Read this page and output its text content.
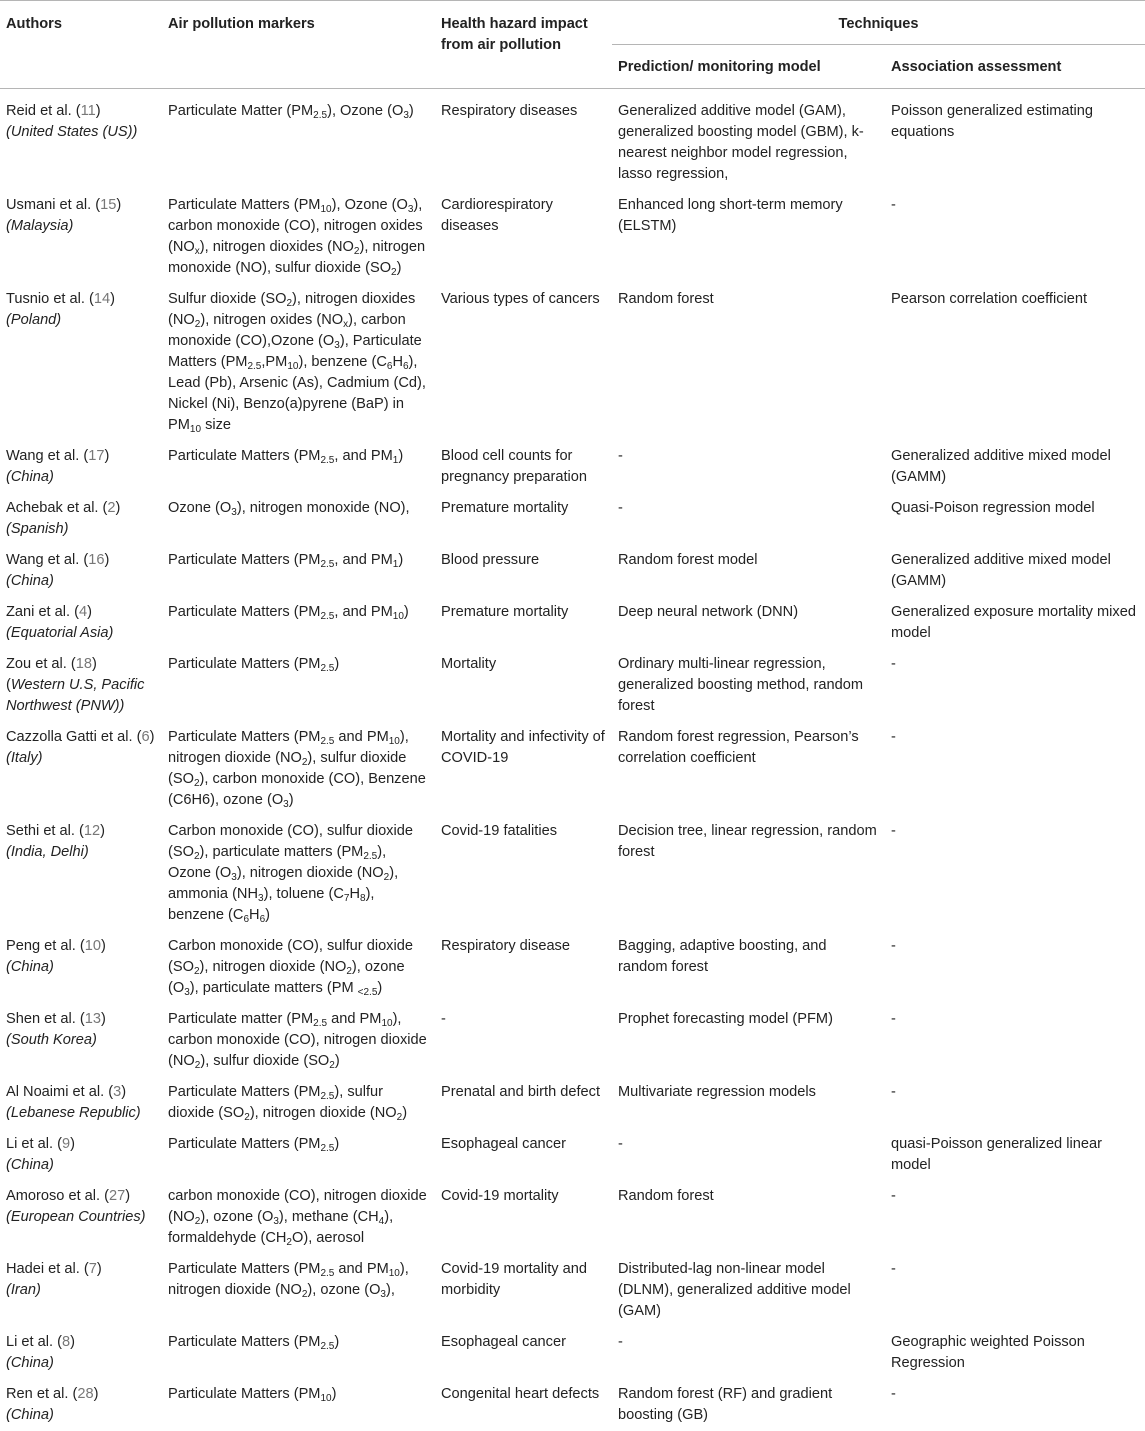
Authors	Air pollution markers	Health hazard impact from air pollution	Techniques	
			Prediction/ monitoring model	Association assessment
Reid et al. (11)
(United States (US))	Particulate Matter $(PM_{2.5})$, Ozone $(O_3)$	Respiratory diseases	Generalized additive model (GAM), generalized boosting model (GBM), k-nearest neighbor model regression, lasso regression,	Poisson generalized estimating equations
Usmani et al. (15)
(Malaysia)	Particulate Matters $(PM_{10})$, Ozone $(O_3)$, carbon monoxide (CO), nitrogen oxides $(NO_x)$, nitrogen dioxides $(NO_2)$, nitrogen monoxide (NO), sulfur dioxide $(SO_2)$	Cardiorespiratory diseases	Enhanced long short-term memory (ELSTM)	-
Tusnio et al. (14)
(Poland)	Sulfur dioxide $(SO_2)$, nitrogen dioxides $(NO_2)$, nitrogen oxides $(NO_x)$, carbon monoxide (CO),Ozone $(O_3)$, Particulate Matters $(PM_{2.5},PM_{10})$, benzene $(C_6H_6)$, Lead (Pb), Arsenic (As), Cadmium (Cd), Nickel (Ni), Benzo(a)pyrene (BaP) in $PM_{10}$ size	Various types of cancers	Random forest	Pearson correlation coefficient
Wang et al. (17)
(China)	Particulate Matters ($PM_{2.5}$, and $PM_1$)	Blood cell counts for pregnancy preparation	-	Generalized additive mixed model (GAMM)
Achebak et al. (2)
(Spanish)	Ozone $(O_3)$, nitrogen monoxide (NO),	Premature mortality	-	Quasi-Poison regression model
Wang et al. (16)
(China)	Particulate Matters ($PM_{2.5}$, and $PM_1$)	Blood pressure	Random forest model	Generalized additive mixed model (GAMM)
Zani et al. (4)
(Equatorial Asia)	Particulate Matters ($PM_{2.5}$, and $PM_{10}$)	Premature mortality	Deep neural network (DNN)	Generalized exposure mortality mixed model
Zou et al. (18)
(Western U.S, Pacific Northwest (PNW))	Particulate Matters $(PM_{2.5})$	Mortality	Ordinary multi-linear regression, generalized boosting method, random forest	-
Cazzolla Gatti et al. (6)
(Italy)	Particulate Matters ($PM_{2.5}$ and $PM_{10}$), nitrogen dioxide $(NO_2)$, sulfur dioxide $(SO_2)$, carbon monoxide (CO), Benzene (C6H6), ozone $(O_3)$	Mortality and infectivity of COVID-19	Random forest regression, Pearson’s correlation coefficient	-
Sethi et al. (12)
(India, Delhi)	Carbon monoxide (CO), sulfur dioxide $(SO_2)$, particulate matters $(PM_{2.5})$, Ozone $(O_3)$, nitrogen dioxide $(NO_2)$, ammonia $(NH_3)$, toluene $(C_7H_8)$, benzene $(C_6H_6)$	Covid-19 fatalities	Decision tree, linear regression, random forest	-
Peng et al. (10)
(China)	Carbon monoxide (CO), sulfur dioxide $(SO_2)$, nitrogen dioxide $(NO_2)$, ozone $(O_3)$, particulate matters (PM $_{<2.5}$)	Respiratory disease	Bagging, adaptive boosting, and random forest	-
Shen et al. (13)
(South Korea)	Particulate matter ($PM_{2.5}$ and $PM_{10}$), carbon monoxide (CO), nitrogen dioxide $(NO_2)$, sulfur dioxide $(SO_2)$	-	Prophet forecasting model (PFM)	-
Al Noaimi et al. (3)
(Lebanese Republic)	Particulate Matters $(PM_{2.5})$, sulfur dioxide $(SO_2)$, nitrogen dioxide $(NO_2)$	Prenatal and birth defect	Multivariate regression models	-
Li et al. (9)
(China)	Particulate Matters $(PM_{2.5})$	Esophageal cancer	-	quasi-Poisson generalized linear model
Amoroso et al. (27)
(European Countries)	carbon monoxide (CO), nitrogen dioxide $(NO_2)$, ozone $(O_3)$, methane $(CH_4)$, formaldehyde $(CH_2O)$, aerosol	Covid-19 mortality	Random forest	-
Hadei et al. (7)
(Iran)	Particulate Matters ($PM_{2.5}$ and $PM_{10}$), nitrogen dioxide $(NO_2)$, ozone $(O_3)$,	Covid-19 mortality and morbidity	Distributed-lag non-linear model (DLNM), generalized additive model (GAM)	-
Li et al. (8)
(China)	Particulate Matters $(PM_{2.5})$	Esophageal cancer	-	Geographic weighted Poisson Regression
Ren et al. (28)
(China)	Particulate Matters $(PM_{10})$	Congenital heart defects	Random forest (RF) and gradient boosting (GB)	-
